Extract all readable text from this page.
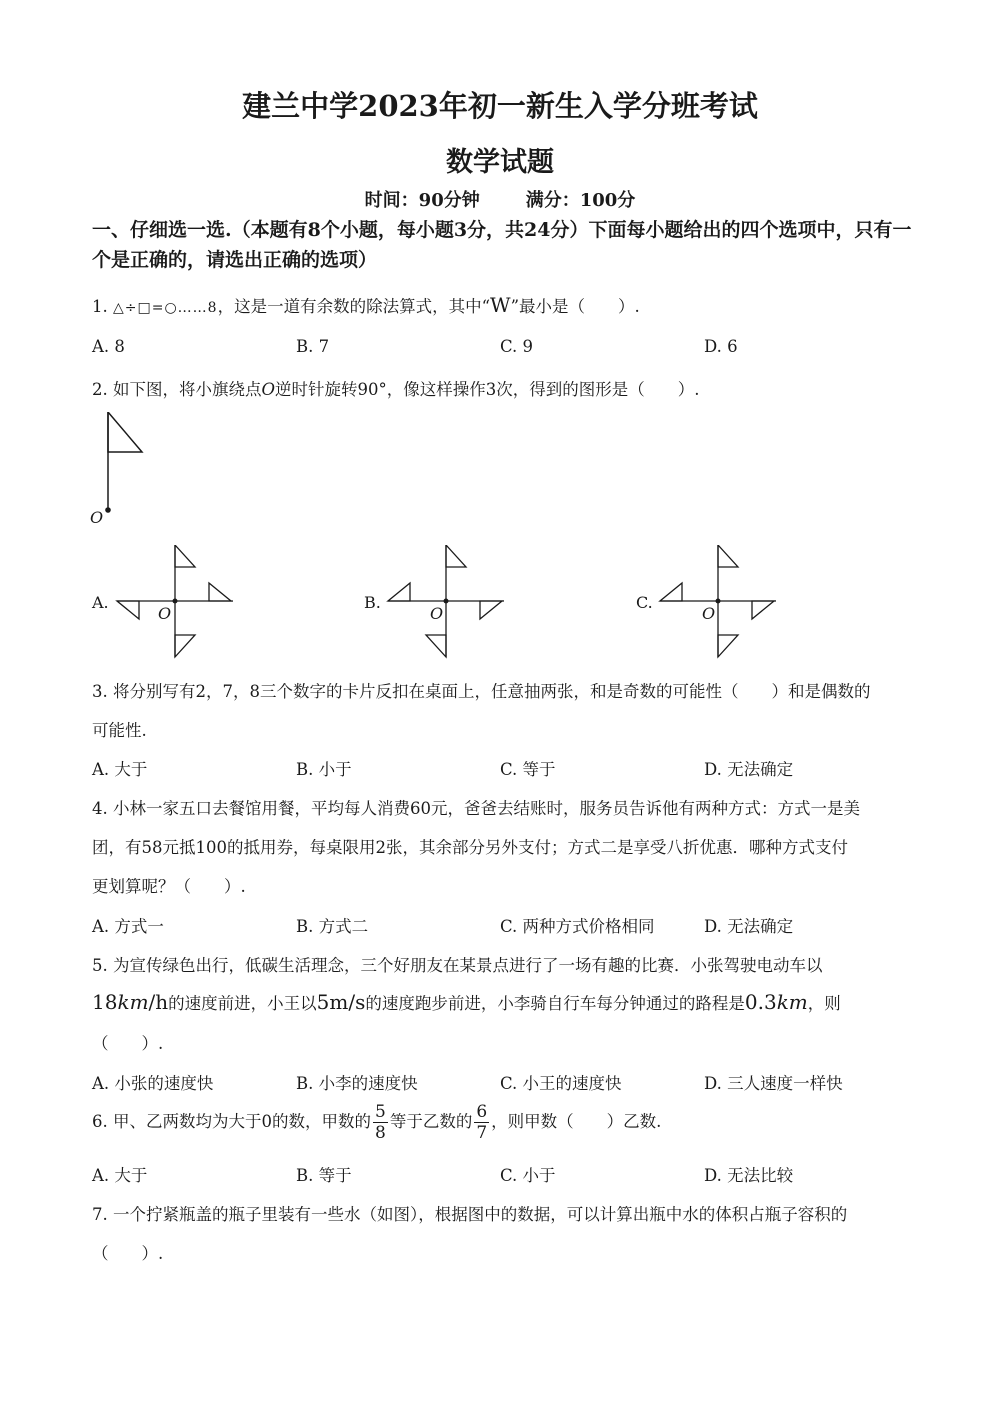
建兰中学2023年初一新生入学分班考试
数学试题
时间：90分钟	满分：100分
一、仔细选一选.（本题有8个小题，每小题3分，共24分）下面每小题给出的四个选项中，只有一个是正确的，请选出正确的选项）
1. △÷□=○……8，这是一道有余数的除法算式，其中“W”最小是（　　）.
A. 8	B. 7	C. 9	D. 6
2. 如下图，将小旗绕点O逆时针旋转90°，像这样操作3次，得到的图形是（　　）.
O
A.
O
B.
O
C.
O
3. 将分别写有2，7，8三个数字的卡片反扣在桌面上，任意抽两张，和是奇数的可能性（　　）和是偶数的
可能性.
A. 大于	B. 小于	C. 等于	D. 无法确定
4. 小林一家五口去餐馆用餐，平均每人消费60元，爸爸去结账时，服务员告诉他有两种方式：方式一是美
团，有58元抵100的抵用券，每桌限用2张，其余部分另外支付；方式二是享受八折优惠．哪种方式支付
更划算呢？（　　）.
A. 方式一	B. 方式二	C. 两种方式价格相同	D. 无法确定
5. 为宣传绿色出行，低碳生活理念，三个好朋友在某景点进行了一场有趣的比赛．小张驾驶电动车以
18km/h的速度前进，小王以5m/s的速度跑步前进，小李骑自行车每分钟通过的路程是0.3km，则
（　　）.
A. 小张的速度快	B. 小李的速度快	C. 小王的速度快	D. 三人速度一样快
6. 甲、乙两数均为大于0的数，甲数的 $\frac{5}{8}$ 等于乙数的 $\frac{6}{7}$ ，则甲数（　　）乙数.
A. 大于	B. 等于	C. 小于	D. 无法比较
7. 一个拧紧瓶盖的瓶子里装有一些水（如图），根据图中的数据，可以计算出瓶中水的体积占瓶子容积的
（　　）.
